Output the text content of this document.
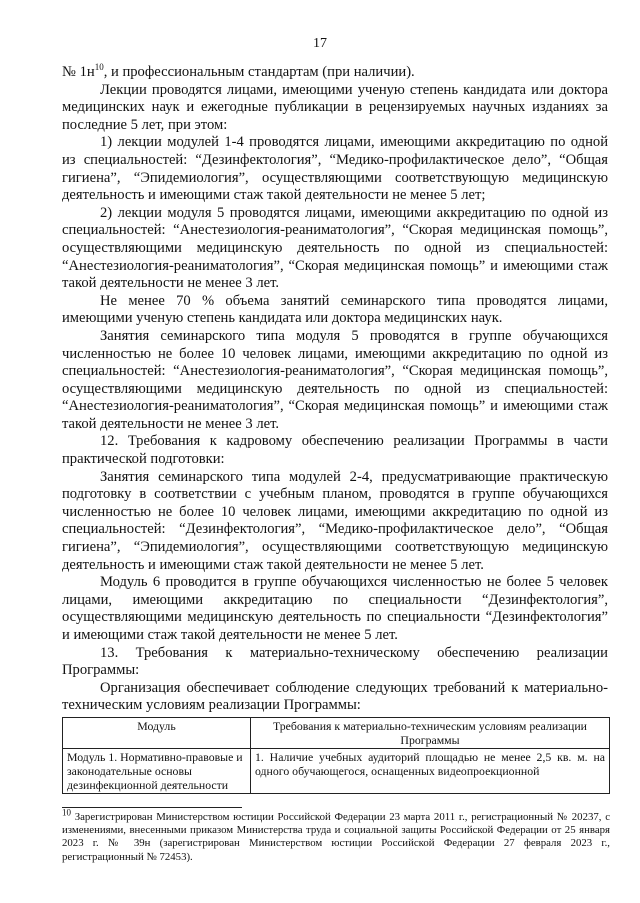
17

№ $1н^{10}$, и профессиональным стандартам (при наличии).

Лекции проводятся лицами, имеющими ученую степень кандидата или доктора медицинских наук и ежегодные публикации в рецензируемых научных изданиях за последние 5 лет, при этом:

1) лекции модулей 1-4 проводятся лицами, имеющими аккредитацию по одной из специальностей: “Дезинфектология”, “Медико-профилактическое дело”, “Общая гигиена”, “Эпидемиология”, осуществляющими соответствующую медицинскую деятельность и имеющими стаж такой деятельности не менее 5 лет;

2) лекции модуля 5 проводятся лицами, имеющими аккредитацию по одной из специальностей: “Анестезиология-реаниматология”, “Скорая медицинская помощь”, осуществляющими медицинскую деятельность по одной из специальностей: “Анестезиология-реаниматология”, “Скорая медицинская помощь” и имеющими стаж такой деятельности не менее 3 лет.

Не менее 70 % объема занятий семинарского типа проводятся лицами, имеющими ученую степень кандидата или доктора медицинских наук.

Занятия семинарского типа модуля 5 проводятся в группе обучающихся численностью не более 10 человек лицами, имеющими аккредитацию по одной из специальностей: “Анестезиология-реаниматология”, “Скорая медицинская помощь”, осуществляющими медицинскую деятельность по одной из специальностей: “Анестезиология-реаниматология”, “Скорая медицинская помощь” и имеющими стаж такой деятельности не менее 3 лет.

12. Требования к кадровому обеспечению реализации Программы в части практической подготовки:

Занятия семинарского типа модулей 2-4, предусматривающие практическую подготовку в соответствии с учебным планом, проводятся в группе обучающихся численностью не более 10 человек лицами, имеющими аккредитацию по одной из специальностей: “Дезинфектология”, “Медико-профилактическое дело”, “Общая гигиена”, “Эпидемиология”, осуществляющими соответствующую медицинскую деятельность и имеющими стаж такой деятельности не менее 5 лет.

Модуль 6 проводится в группе обучающихся численностью не более 5 человек лицами, имеющими аккредитацию по специальности “Дезинфектология”, осуществляющими медицинскую деятельность по специальности “Дезинфектология” и имеющими стаж такой деятельности не менее 5 лет.

13. Требования к материально-техническому обеспечению реализации Программы:

Организация обеспечивает соблюдение следующих требований к материально-техническим условиям реализации Программы:

Модуль	Требования к материально-техническим условиям реализации Программы
Модуль 1. Нормативно-правовые и законодательные основы дезинфекционной деятельности	1. Наличие учебных аудиторий площадью не менее 2,5 кв. м. на одного обучающегося, оснащенных видеопроекционной
$^{10}$ Зарегистрирован Министерством юстиции Российской Федерации 23 марта 2011 г., регистрационный № 20237, с изменениями, внесенными приказом Министерства труда и социальной защиты Российской Федерации от 25 января 2023 г. № 39н (зарегистрирован Министерством юстиции Российской Федерации 27 февраля 2023 г., регистрационный № 72453).
